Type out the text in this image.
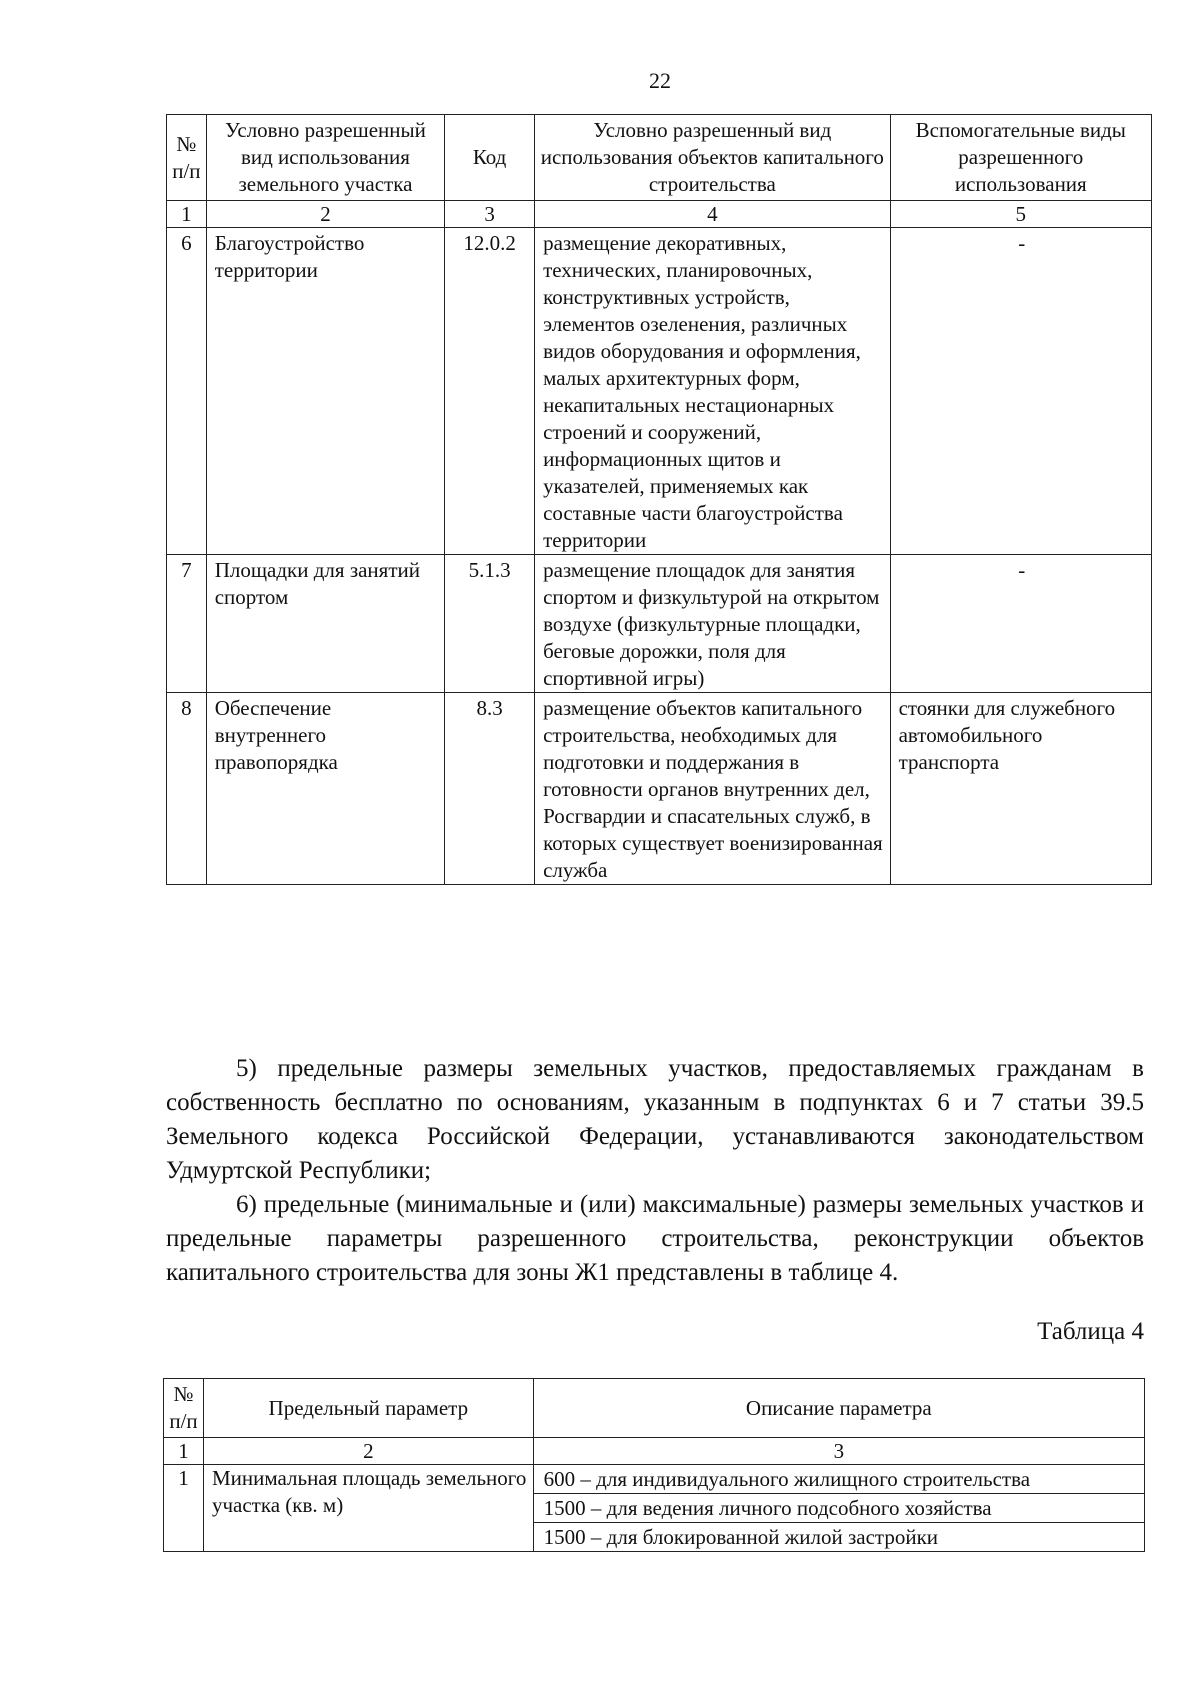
22
№ п/п	Условно разрешенный вид использования земельного участка	Код	Условно разрешенный вид использования объектов капитального строительства	Вспомогательные виды разрешенного использования
1	2	3	4	5
6	Благоустройство территории	12.0.2	размещение декоративных, технических, планировочных, конструктивных устройств, элементов озеленения, различных видов оборудования и оформления, малых архитектурных форм, некапитальных нестационарных строений и сооружений, информационных щитов и указателей, применяемых как составные части благоустройства территории	-
7	Площадки для занятий спортом	5.1.3	размещение площадок для занятия спортом и физкультурой на открытом воздухе (физкультурные площадки, беговые дорожки, поля для спортивной игры)	-
8	Обеспечение внутреннего правопорядка	8.3	размещение объектов капитального строительства, необходимых для подготовки и поддержания в готовности органов внутренних дел, Росгвардии и спасательных служб, в которых существует военизированная служба	стоянки для служебного автомобильного транспорта

5) предельные размеры земельных участков, предоставляемых гражданам в собственность бесплатно по основаниям, указанным в подпунктах 6 и 7 статьи 39.5 Земельного кодекса Российской Федерации, устанавливаются законодательством Удмуртской Республики;

6) предельные (минимальные и (или) максимальные) размеры земельных участков и предельные параметры разрешенного строительства, реконструкции объектов капитального строительства для зоны Ж1 представлены в таблице 4.

Таблица 4
№ п/п	Предельный параметр	Описание параметра
1	2	3
1	Минимальная площадь земельного участка (кв. м)	600 – для индивидуального жилищного строительства
1500 – для ведения личного подсобного хозяйства
1500 – для блокированной жилой застройки
